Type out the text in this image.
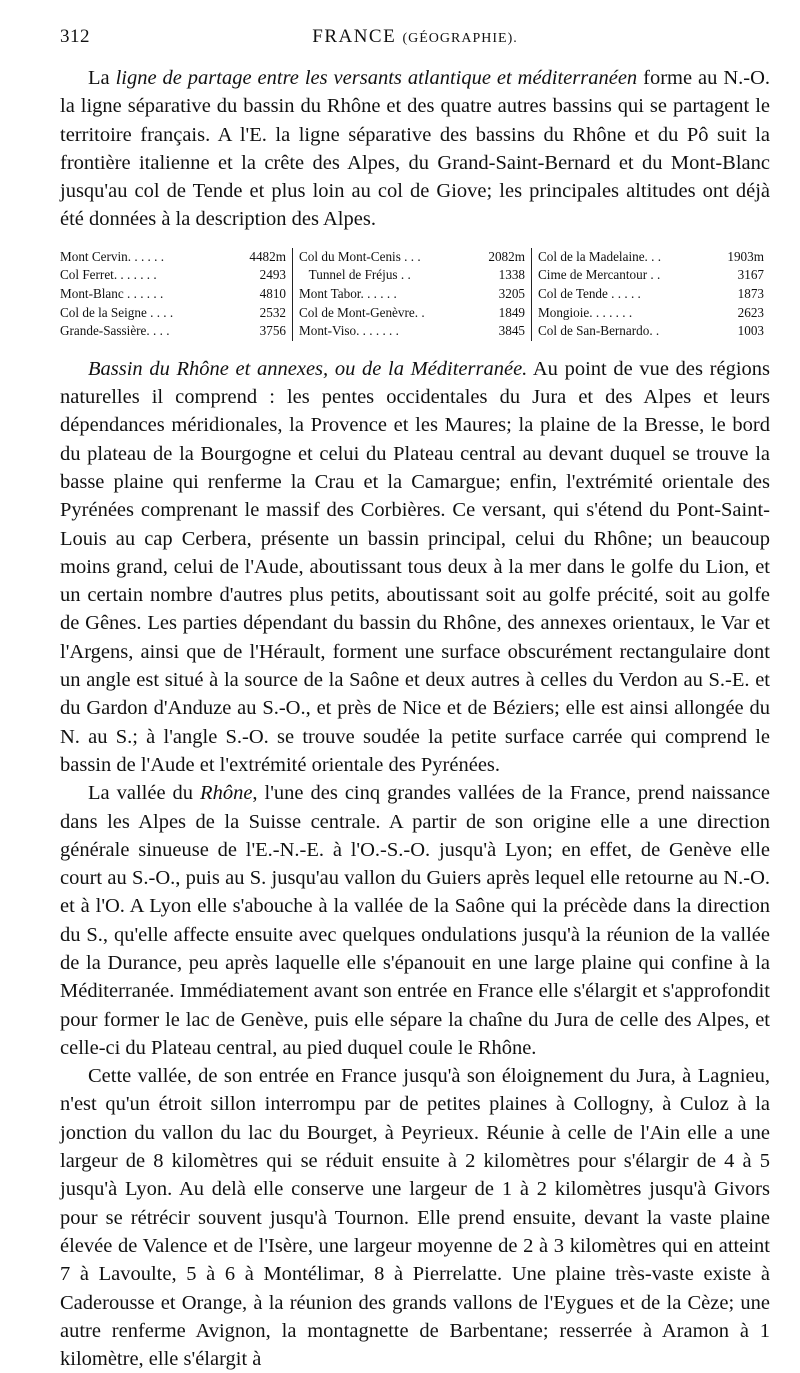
312	FRANCE (GÉOGRAPHIE).

La ligne de partage entre les versants atlantique et méditerranéen forme au N.-O. la ligne séparative du bassin du Rhône et des quatre autres bassins qui se partagent le territoire français. A l'E. la ligne séparative des bassins du Rhône et du Pô suit la frontière italienne et la crête des Alpes, du Grand-Saint-Bernard et du Mont-Blanc jusqu'au col de Tende et plus loin au col de Giove; les principales altitudes ont déjà été données à la description des Alpes.

Mont Cervin. . . . . .	4482m
Col Ferret. . . . . . .	2493
Mont-Blanc . . . . . .	4810
Col de la Seigne . . . .	2532
Grande-Sassière. . . .	3756
Col du Mont-Cenis . . .	2082m
Tunnel de Fréjus . .	1338
Mont Tabor. . . . . .	3205
Col de Mont-Genèvre. .	1849
Mont-Viso. . . . . . .	3845
Col de la Madelaine. . .	1903m
Cime de Mercantour . .	3167
Col de Tende . . . . .	1873
Mongioie. . . . . . .	2623
Col de San-Bernardo. .	1003

Bassin du Rhône et annexes, ou de la Méditerranée. Au point de vue des régions naturelles il comprend : les pentes occidentales du Jura et des Alpes et leurs dépendances méridionales, la Provence et les Maures; la plaine de la Bresse, le bord du plateau de la Bourgogne et celui du Plateau central au devant duquel se trouve la basse plaine qui renferme la Crau et la Camargue; enfin, l'extrémité orientale des Pyrénées comprenant le massif des Corbières. Ce versant, qui s'étend du Pont-Saint-Louis au cap Cerbera, présente un bassin principal, celui du Rhône; un beaucoup moins grand, celui de l'Aude, aboutissant tous deux à la mer dans le golfe du Lion, et un certain nombre d'autres plus petits, aboutissant soit au golfe précité, soit au golfe de Gênes. Les parties dépendant du bassin du Rhône, des annexes orientaux, le Var et l'Argens, ainsi que de l'Hérault, forment une surface obscurément rectangulaire dont un angle est situé à la source de la Saône et deux autres à celles du Verdon au S.-E. et du Gardon d'Anduze au S.-O., et près de Nice et de Béziers; elle est ainsi allongée du N. au S.; à l'angle S.-O. se trouve soudée la petite surface carrée qui comprend le bassin de l'Aude et l'extrémité orientale des Pyrénées.

La vallée du Rhône, l'une des cinq grandes vallées de la France, prend naissance dans les Alpes de la Suisse centrale. A partir de son origine elle a une direction générale sinueuse de l'E.-N.-E. à l'O.-S.-O. jusqu'à Lyon; en effet, de Genève elle court au S.-O., puis au S. jusqu'au vallon du Guiers après lequel elle retourne au N.-O. et à l'O. A Lyon elle s'abouche à la vallée de la Saône qui la précède dans la direction du S., qu'elle affecte ensuite avec quelques ondulations jusqu'à la réunion de la vallée de la Durance, peu après laquelle elle s'épanouit en une large plaine qui confine à la Méditerranée. Immédiatement avant son entrée en France elle s'élargit et s'approfondit pour former le lac de Genève, puis elle sépare la chaîne du Jura de celle des Alpes, et celle-ci du Plateau central, au pied duquel coule le Rhône.

Cette vallée, de son entrée en France jusqu'à son éloignement du Jura, à Lagnieu, n'est qu'un étroit sillon interrompu par de petites plaines à Collogny, à Culoz à la jonction du vallon du lac du Bourget, à Peyrieux. Réunie à celle de l'Ain elle a une largeur de 8 kilomètres qui se réduit ensuite à 2 kilomètres pour s'élargir de 4 à 5 jusqu'à Lyon. Au delà elle conserve une largeur de 1 à 2 kilomètres jusqu'à Givors pour se rétrécir souvent jusqu'à Tournon. Elle prend ensuite, devant la vaste plaine élevée de Valence et de l'Isère, une largeur moyenne de 2 à 3 kilomètres qui en atteint 7 à Lavoulte, 5 à 6 à Montélimar, 8 à Pierrelatte. Une plaine très-vaste existe à Caderousse et Orange, à la réunion des grands vallons de l'Eygues et de la Cèze; une autre renferme Avignon, la montagnette de Barbentane; resserrée à Aramon à 1 kilomètre, elle s'élargit à
